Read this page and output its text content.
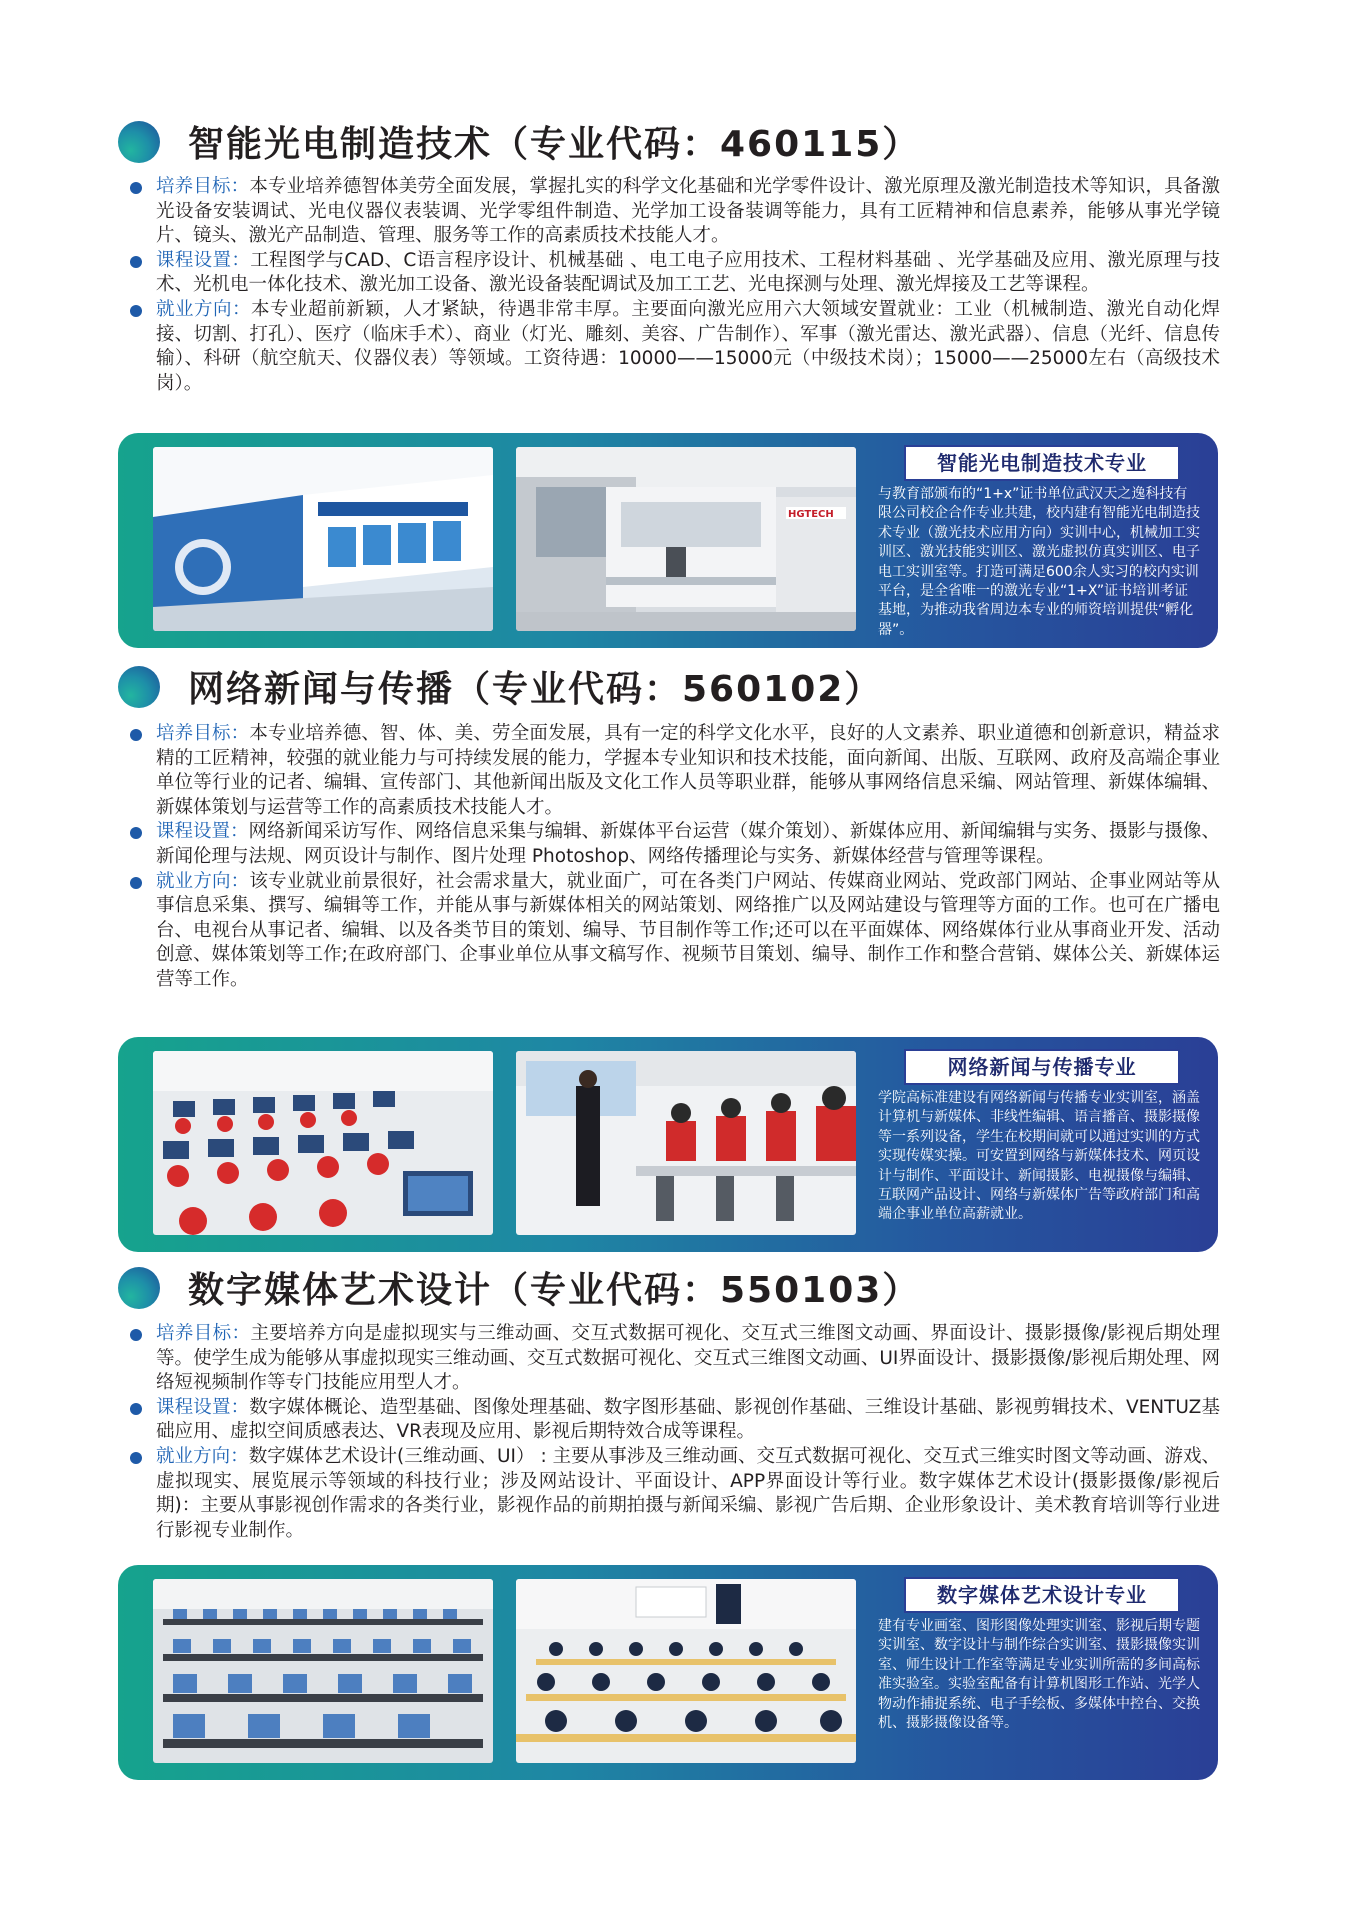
智能光电制造技术（专业代码：460115）
培养目标：本专业培养德智体美劳全面发展，掌握扎实的科学文化基础和光学零件设计、激光原理及激光制造技术等知识，具备激光设备安装调试、光电仪器仪表装调、光学零组件制造、光学加工设备装调等能力，具有工匠精神和信息素养，能够从事光学镜片、镜头、激光产品制造、管理、服务等工作的高素质技术技能人才。
课程设置：工程图学与CAD、C语言程序设计、机械基础 、电工电子应用技术、工程材料基础 、光学基础及应用、激光原理与技术、光机电一体化技术、激光加工设备、激光设备装配调试及加工工艺、光电探测与处理、激光焊接及工艺等课程。
就业方向：本专业超前新颖，人才紧缺，待遇非常丰厚。主要面向激光应用六大领域安置就业：工业（机械制造、激光自动化焊接、切割、打孔）、医疗（临床手术）、商业（灯光、雕刻、美容、广告制作）、军事（激光雷达、激光武器）、信息（光纤、信息传输）、科研（航空航天、仪器仪表）等领域。工资待遇：10000——15000元（中级技术岗）；15000——25000左右（高级技术岗）。
HGTECH
智能光电制造技术专业
与教育部颁布的“1+x”证书单位武汉天之逸科技有限公司校企合作专业共建，校内建有智能光电制造技术专业（激光技术应用方向）实训中心，机械加工实训区、激光技能实训区、激光虚拟仿真实训区、电子电工实训室等。打造可满足600余人实习的校内实训平台，是全省唯一的激光专业“1+X”证书培训考证基地，为推动我省周边本专业的师资培训提供“孵化器”。
网络新闻与传播（专业代码：560102）
培养目标：本专业培养德、智、体、美、劳全面发展，具有一定的科学文化水平，良好的人文素养、职业道德和创新意识，精益求精的工匠精神，较强的就业能力与可持续发展的能力，学握本专业知识和技术技能，面向新闻、出版、互联网、政府及高端企事业单位等行业的记者、编辑、宣传部门、其他新闻出版及文化工作人员等职业群，能够从事网络信息采编、网站管理、新媒体编辑、新媒体策划与运营等工作的高素质技术技能人才。
课程设置：网络新闻采访写作、网络信息采集与编辑、新媒体平台运营（媒介策划）、新媒体应用、新闻编辑与实务、摄影与摄像、新闻伦理与法规、网页设计与制作、图片处理 Photoshop、网络传播理论与实务、新媒体经营与管理等课程。
就业方向：该专业就业前景很好，社会需求量大，就业面广，可在各类门户网站、传媒商业网站、党政部门网站、企事业网站等从事信息采集、撰写、编辑等工作，并能从事与新媒体相关的网站策划、网络推广以及网站建设与管理等方面的工作。也可在广播电台、电视台从事记者、编辑、以及各类节目的策划、编导、节目制作等工作;还可以在平面媒体、网络媒体行业从事商业开发、活动创意、媒体策划等工作;在政府部门、企事业单位从事文稿写作、视频节目策划、编导、制作工作和整合营销、媒体公关、新媒体运营等工作。
网络新闻与传播专业
学院高标准建设有网络新闻与传播专业实训室，涵盖计算机与新媒体、非线性编辑、语言播音、摄影摄像等一系列设备，学生在校期间就可以通过实训的方式实现传媒实操。可安置到网络与新媒体技术、网页设计与制作、平面设计、新闻摄影、电视摄像与编辑、互联网产品设计、网络与新媒体广告等政府部门和高端企事业单位高薪就业。
数字媒体艺术设计（专业代码：550103）
培养目标：主要培养方向是虚拟现实与三维动画、交互式数据可视化、交互式三维图文动画、界面设计、摄影摄像/影视后期处理等。使学生成为能够从事虚拟现实三维动画、交互式数据可视化、交互式三维图文动画、UI界面设计、摄影摄像/影视后期处理、网络短视频制作等专门技能应用型人才。
课程设置：数字媒体概论、造型基础、图像处理基础、数字图形基础、影视创作基础、三维设计基础、影视剪辑技术、VENTUZ基础应用、虚拟空间质感表达、VR表现及应用、影视后期特效合成等课程。
就业方向：数字媒体艺术设计(三维动画、UI） : 主要从事涉及三维动画、交互式数据可视化、交互式三维实时图文等动画、游戏、虚拟现实、展览展示等领域的科技行业；涉及网站设计、平面设计、APP界面设计等行业。数字媒体艺术设计(摄影摄像/影视后期)：主要从事影视创作需求的各类行业，影视作品的前期拍摄与新闻采编、影视广告后期、企业形象设计、美术教育培训等行业进行影视专业制作。
数字媒体艺术设计专业
建有专业画室、图形图像处理实训室、影视后期专题实训室、数字设计与制作综合实训室、摄影摄像实训室、师生设计工作室等满足专业实训所需的多间高标准实验室。实验室配备有计算机图形工作站、光学人物动作捕捉系统、电子手绘板、多媒体中控台、交换机、摄影摄像设备等。
